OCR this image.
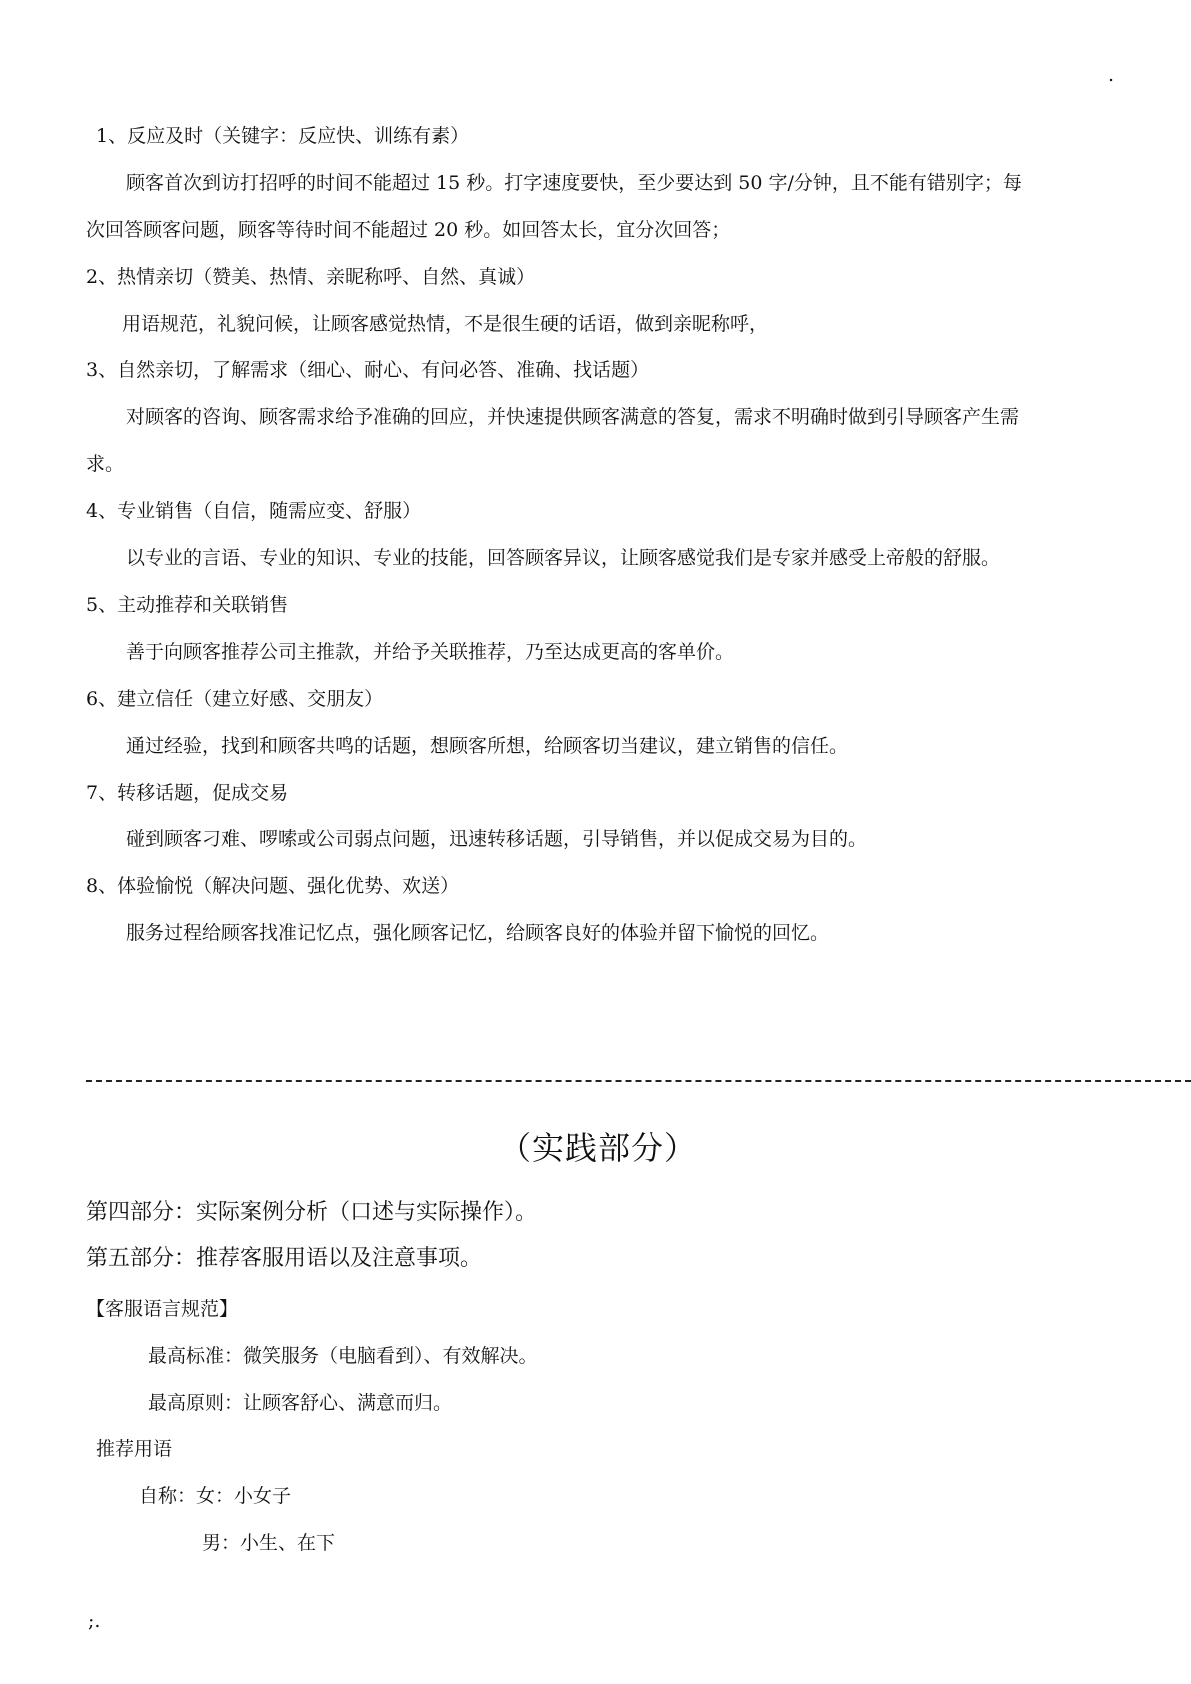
.
1、反应及时（关键字：反应快、训练有素）
顾客首次到访打招呼的时间不能超过 15 秒。打字速度要快，至少要达到 50 字/分钟，且不能有错别字；每
次回答顾客问题，顾客等待时间不能超过 20 秒。如回答太长，宜分次回答；
2、热情亲切（赞美、热情、亲昵称呼、自然、真诚）
用语规范，礼貌问候，让顾客感觉热情，不是很生硬的话语，做到亲昵称呼，
3、自然亲切，了解需求（细心、耐心、有问必答、准确、找话题）
对顾客的咨询、顾客需求给予准确的回应，并快速提供顾客满意的答复，需求不明确时做到引导顾客产生需
求。
4、专业销售（自信，随需应变、舒服）
以专业的言语、专业的知识、专业的技能，回答顾客异议，让顾客感觉我们是专家并感受上帝般的舒服。
5、主动推荐和关联销售
善于向顾客推荐公司主推款，并给予关联推荐，乃至达成更高的客单价。
6、建立信任（建立好感、交朋友）
通过经验，找到和顾客共鸣的话题，想顾客所想，给顾客切当建议，建立销售的信任。
7、转移话题，促成交易
碰到顾客刁难、啰嗦或公司弱点问题，迅速转移话题，引导销售，并以促成交易为目的。
8、体验愉悦（解决问题、强化优势、欢送）
服务过程给顾客找准记忆点，强化顾客记忆，给顾客良好的体验并留下愉悦的回忆。
（实践部分）
第四部分：实际案例分析（口述与实际操作）。
第五部分：推荐客服用语以及注意事项。
【客服语言规范】
最高标准：微笑服务（电脑看到）、有效解决。
最高原则：让顾客舒心、满意而归。
推荐用语
自称：女：小女子
男：小生、在下
;.
